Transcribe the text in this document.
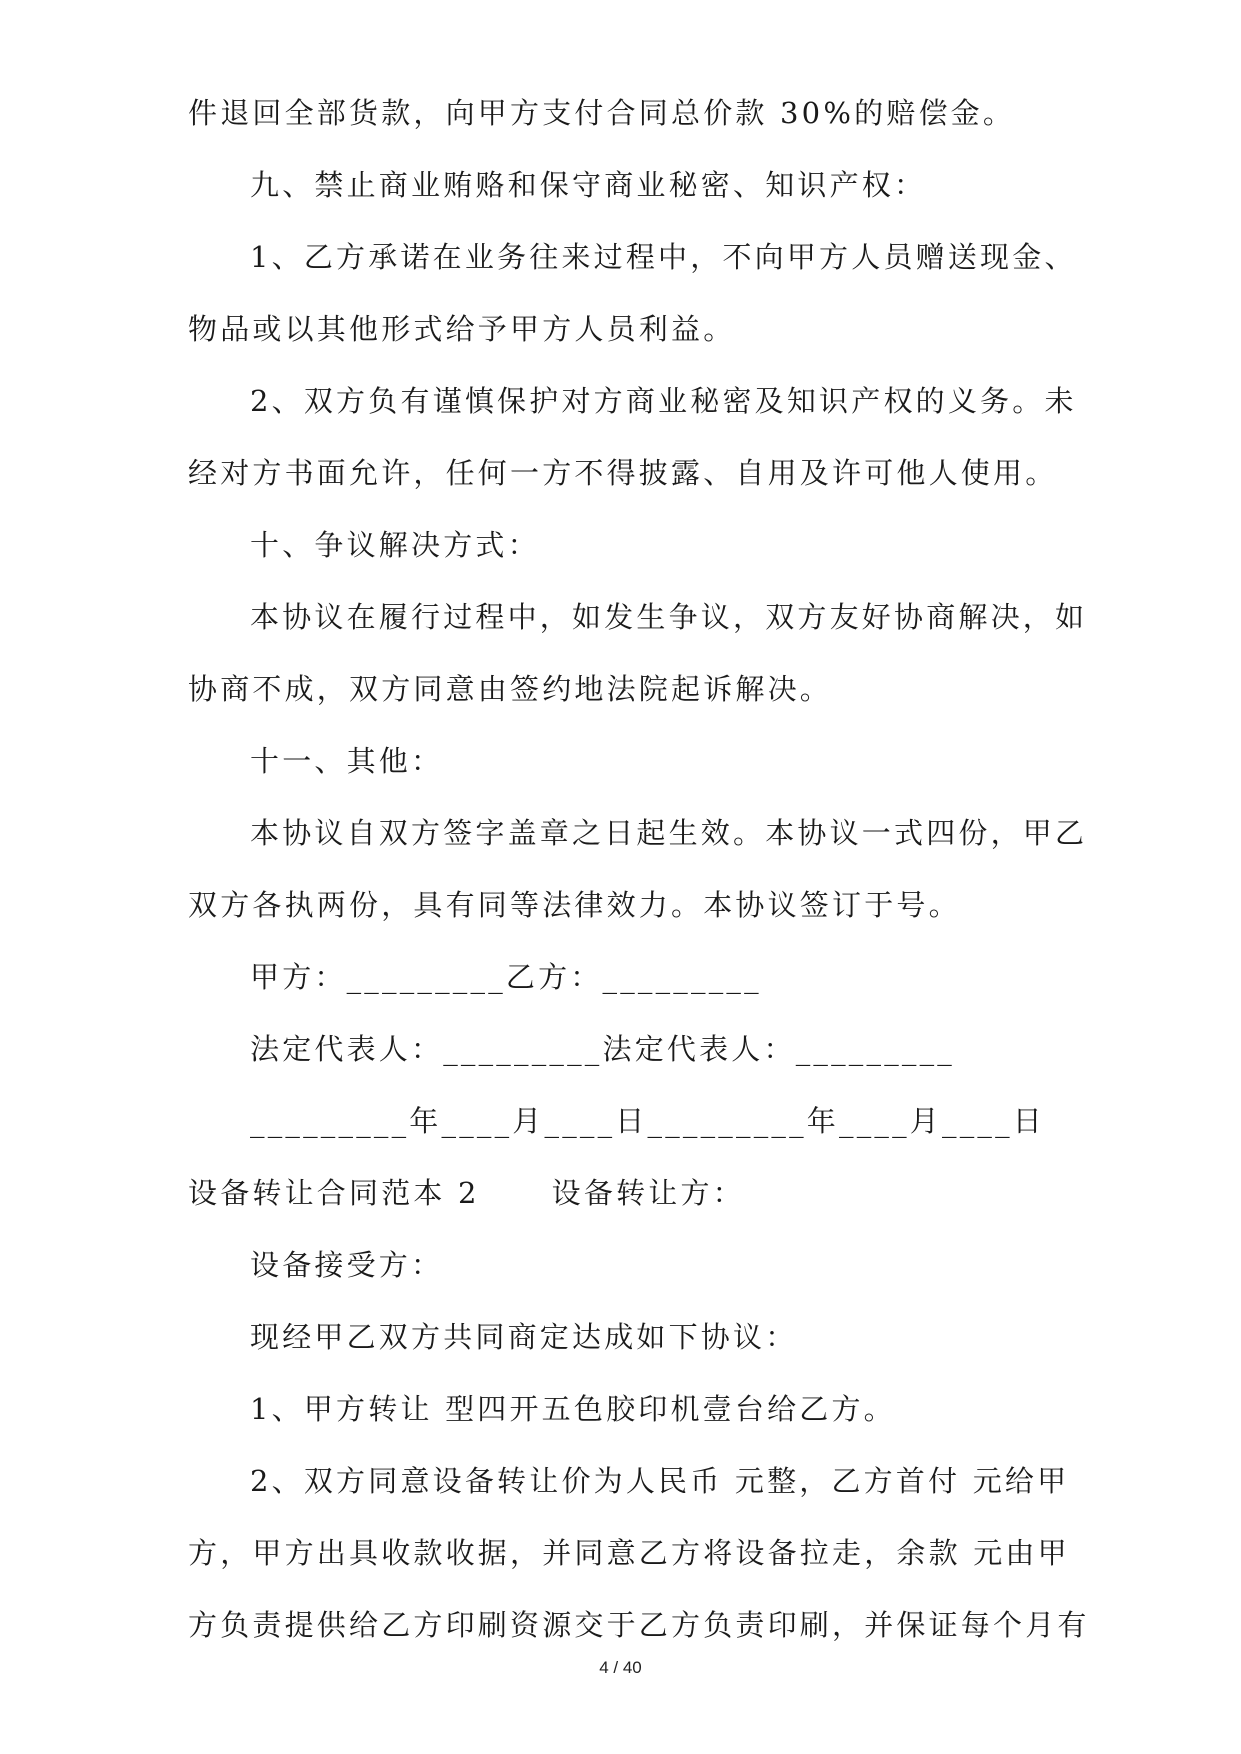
件退回全部货款，向甲方支付合同总价款 30%的赔偿金。
九、禁止商业贿赂和保守商业秘密、知识产权：
1、乙方承诺在业务往来过程中，不向甲方人员赠送现金、
物品或以其他形式给予甲方人员利益。
2、双方负有谨慎保护对方商业秘密及知识产权的义务。未
经对方书面允许，任何一方不得披露、自用及许可他人使用。
十、争议解决方式：
本协议在履行过程中，如发生争议，双方友好协商解决，如
协商不成，双方同意由签约地法院起诉解决。
十一、其他：
本协议自双方签字盖章之日起生效。本协议一式四份，甲乙
双方各执两份，具有同等法律效力。本协议签订于号。
甲方：_________乙方：_________
法定代表人：_________法定代表人：_________
_________年____月____日_________年____月____日
设备转让合同范本 2 设备转让方：
设备接受方：
现经甲乙双方共同商定达成如下协议：
1、甲方转让 型四开五色胶印机壹台给乙方。
2、双方同意设备转让价为人民币 元整，乙方首付 元给甲
方，甲方出具收款收据，并同意乙方将设备拉走，余款 元由甲
4 / 40
方负责提供给乙方印刷资源交于乙方负责印刷，并保证每个月有
